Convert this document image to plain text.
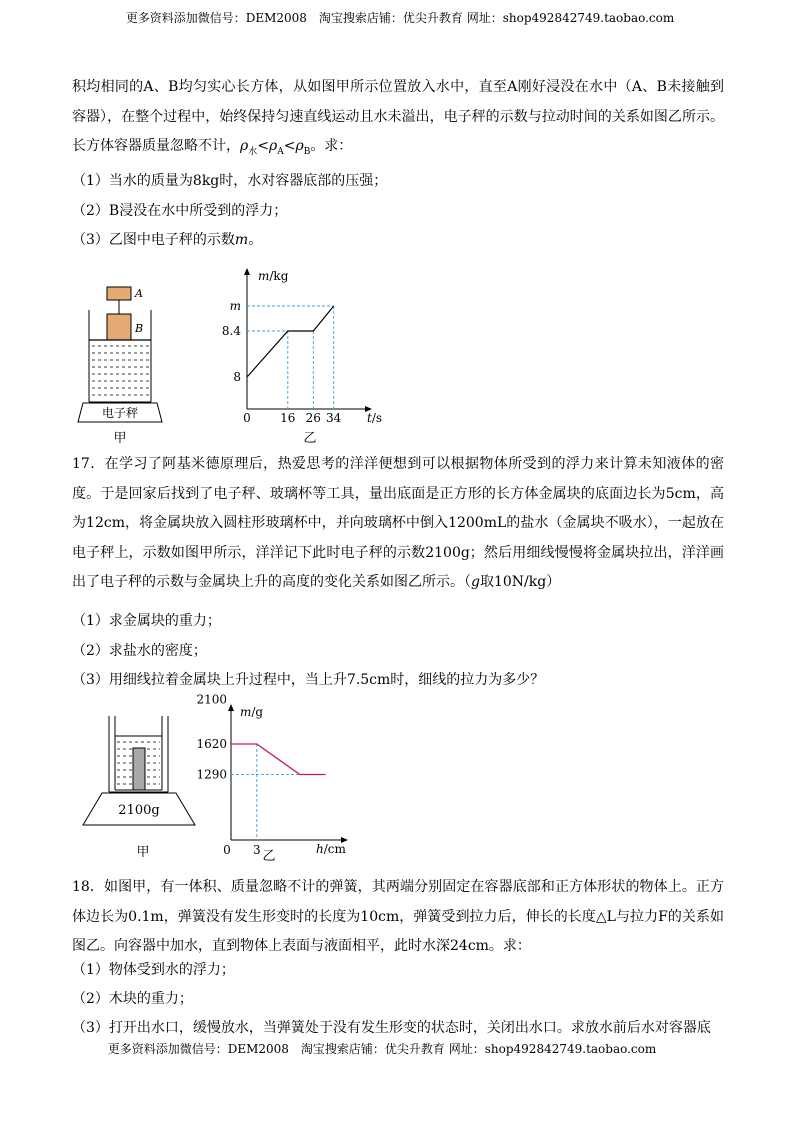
更多资料添加微信号：DEM2008　淘宝搜索店铺：优尖升教育 网址：shop492842749.taobao.com
积均相同的A、B均匀实心长方体，从如图甲所示位置放入水中，直至A刚好浸没在水中（A、B未接触到容器），在整个过程中，始终保持匀速直线运动且水未溢出，电子秤的示数与拉动时间的关系如图乙所示。长方体容器质量忽略不计，$\rho_水<\rho_A<\rho_B$。求：
（1）当水的质量为8kg时，水对容器底部的压强；
（2）B浸没在水中所受到的浮力；
（3）乙图中电子秤的示数m。
A
B
电子秤
甲
m/kg
t/s
m
8.4
8
0 16 26 34
乙
17．在学习了阿基米德原理后，热爱思考的洋洋便想到可以根据物体所受到的浮力来计算未知液体的密度。于是回家后找到了电子秤、玻璃杯等工具，量出底面是正方形的长方体金属块的底面边长为5cm，高为12cm，将金属块放入圆柱形玻璃杯中，并向玻璃杯中倒入1200mL的盐水（金属块不吸水），一起放在电子秤上，示数如图甲所示，洋洋记下此时电子秤的示数2100g；然后用细线慢慢将金属块拉出，洋洋画出了电子秤的示数与金属块上升的高度的变化关系如图乙所示。（g取10N/kg）
（1）求金属块的重力；
（2）求盐水的密度；
（3）用细线拉着金属块上升过程中，当上升7.5cm时，细线的拉力为多少？
2100g
甲
m/g
h/cm
2100
1620
1290
0 3 乙
18．如图甲，有一体积、质量忽略不计的弹簧，其两端分别固定在容器底部和正方体形状的物体上。正方体边长为0.1m，弹簧没有发生形变时的长度为10cm，弹簧受到拉力后，伸长的长度△L与拉力F的关系如图乙。向容器中加水，直到物体上表面与液面相平，此时水深24cm。求：
（1）物体受到水的浮力；
（2）木块的重力；
（3）打开出水口，缓慢放水，当弹簧处于没有发生形变的状态时，关闭出水口。求放水前后水对容器底
更多资料添加微信号：DEM2008　淘宝搜索店铺：优尖升教育 网址：shop492842749.taobao.com
